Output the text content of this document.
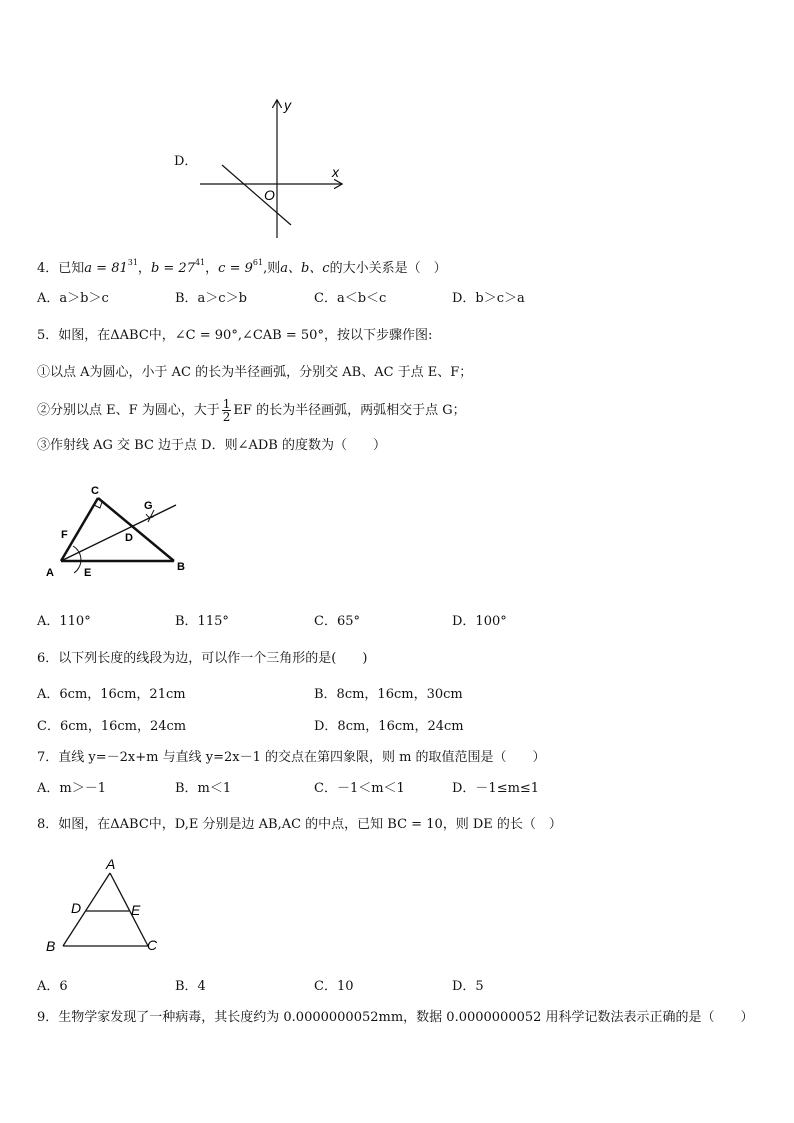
D．
y
x
O
4．已知$a = 81^{31}$，$b = 27^{41}$，$c = 9^{61}$,则a、b、c的大小关系是（　）
A．a＞b＞c	B．a＞c＞b	C．a＜b＜c	D．b＞c＞a
5．如图，在ΔABC中，∠C = 90°,∠CAB = 50°，按以下步骤作图:
①以点 A为圆心，小于 AC 的长为半径画弧，分别交 AB、AC 于点 E、F；
②分别以点 E、F 为圆心，大于 $\frac{1}{2}$ EF 的长为半径画弧，两弧相交于点 G；
③作射线 AG 交 BC 边于点 D．则∠ADB 的度数为（　　）
C
G
F	D
A	E	B
A．110°	B．115°	C．65°	D．100°
6．以下列长度的线段为边，可以作一个三角形的是(　　)
A．6cm，16cm，21cm	B．8cm，16cm，30cm
C．6cm，16cm，24cm	D．8cm，16cm，24cm
7．直线 y=－2x+m 与直线 y=2x－1 的交点在第四象限，则 m 的取值范围是（　　）
A．m＞－1	B．m＜1	C．－1＜m＜1	D．－1≤m≤1
8．如图，在ΔABC中，D,E 分别是边 AB,AC 的中点，已知 BC = 10，则 DE 的长（　）
A
D	E
B	C
A．6	B．4	C．10	D．5
9．生物学家发现了一种病毒，其长度约为 0.0000000052mm，数据 0.0000000052 用科学记数法表示正确的是（　　）
